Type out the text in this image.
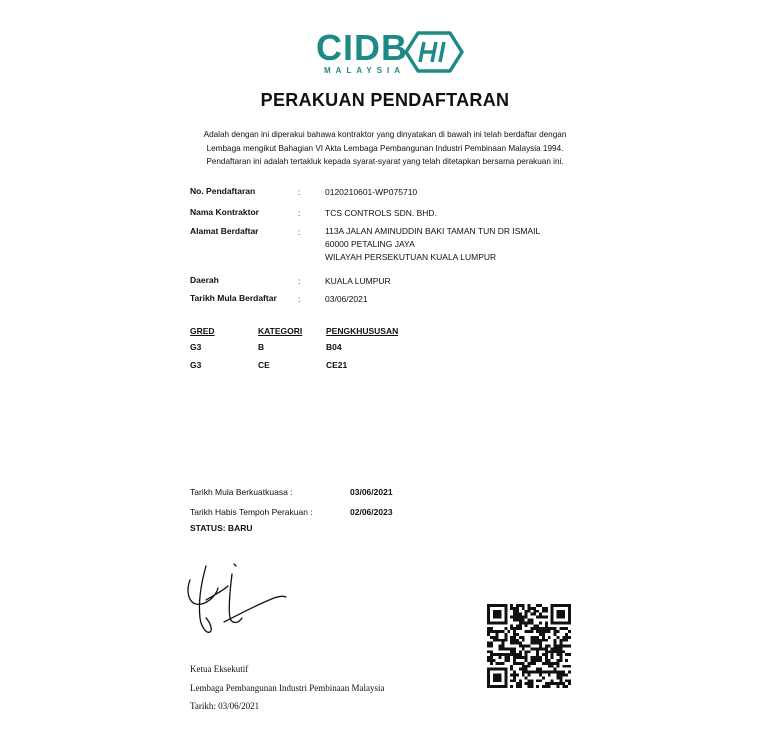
CIDB
MALAYSIA
PERAKUAN PENDAFTARAN
Adalah dengan ini diperakui bahawa kontraktor yang dinyatakan di bawah ini telah berdaftar dengan
Lembaga mengikut Bahagian VI Akta Lembaga Pembangunan Industri Pembinaan Malaysia 1994.
Pendaftaran ini adalah tertakluk kepada syarat-syarat yang telah ditetapkan bersama perakuan ini.
No. Pendaftaran	:	0120210601-WP075710
Nama Kontraktor	:	TCS CONTROLS SDN. BHD.
Alamat Berdaftar	:	113A JALAN AMINUDDIN BAKI TAMAN TUN DR ISMAIL
60000 PETALING JAYA
WILAYAH PERSEKUTUAN KUALA LUMPUR
Daerah	:	KUALA LUMPUR
Tarikh Mula Berdaftar :	03/06/2021
GRED	KATEGORI	PENGKHUSUSAN
G3	B	B04
G3	CE	CE21
Tarikh Mula Berkuatkuasa :	03/06/2021
Tarikh Habis Tempoh Perakuan :	02/06/2023
STATUS: BARU
Ketua Eksekutif
Lembaga Pembangunan Industri Pembinaan Malaysia
Tarikh: 03/06/2021
